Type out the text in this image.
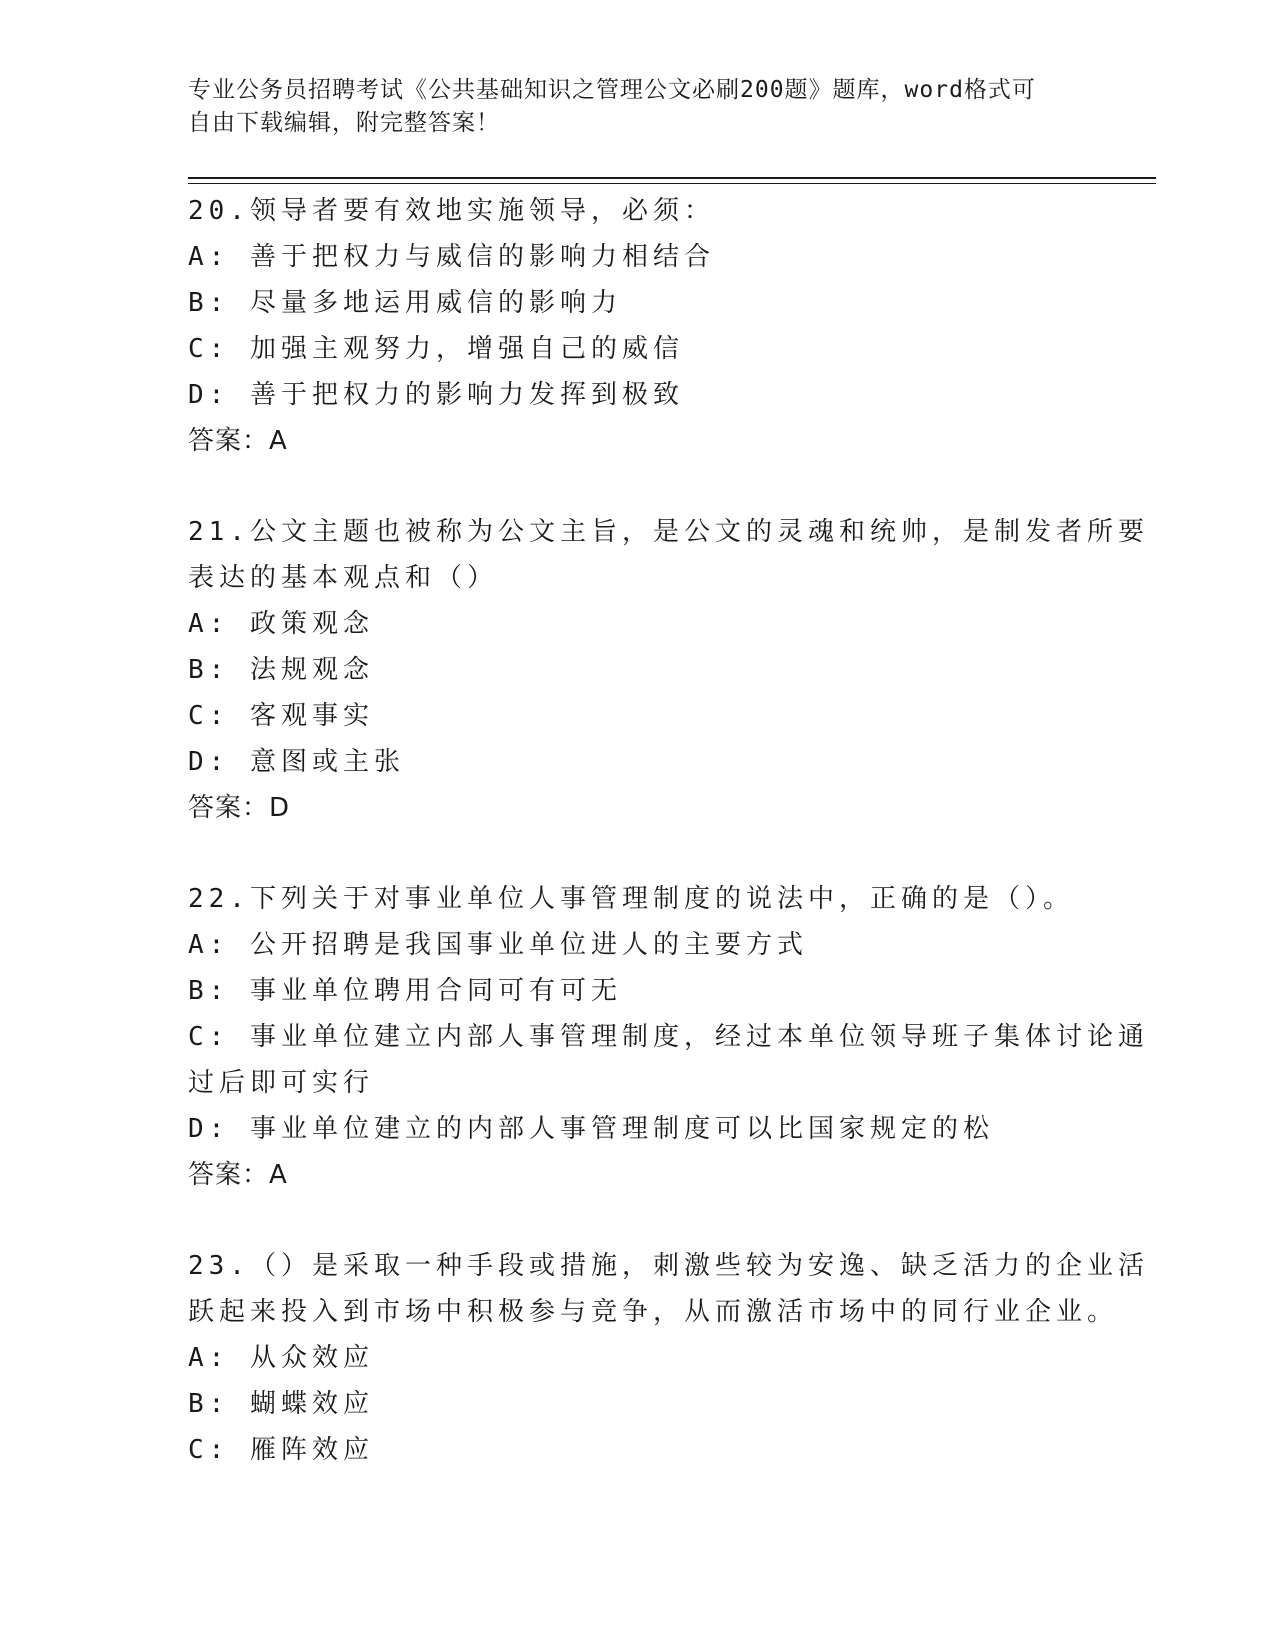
专业公务员招聘考试《公共基础知识之管理公文必刷200题》题库，word格式可
自由下载编辑，附完整答案！
20.领导者要有效地实施领导，必须：
A: 善于把权力与威信的影响力相结合
B: 尽量多地运用威信的影响力
C: 加强主观努力，增强自己的威信
D: 善于把权力的影响力发挥到极致
答案：A
21.公文主题也被称为公文主旨，是公文的灵魂和统帅，是制发者所要
表达的基本观点和（）
A: 政策观念
B: 法规观念
C: 客观事实
D: 意图或主张
答案：D
22.下列关于对事业单位人事管理制度的说法中，正确的是（）。
A: 公开招聘是我国事业单位进人的主要方式
B: 事业单位聘用合同可有可无
C: 事业单位建立内部人事管理制度，经过本单位领导班子集体讨论通
过后即可实行
D: 事业单位建立的内部人事管理制度可以比国家规定的松
答案：A
23.（）是采取一种手段或措施，刺激些较为安逸、缺乏活力的企业活
跃起来投入到市场中积极参与竞争，从而激活市场中的同行业企业。
A: 从众效应
B: 蝴蝶效应
C: 雁阵效应
